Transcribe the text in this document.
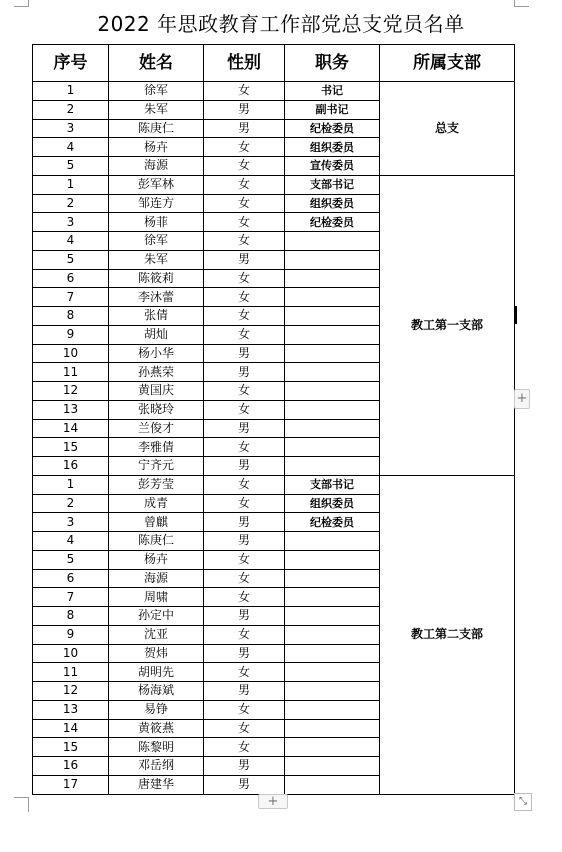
2022 年思政教育工作部党总支党员名单
序号	姓名	性别	职务	所属支部
1	徐军	女	书记	总支
2	朱军	男	副书记	
3	陈庚仁	男	纪检委员	
4	杨卉	女	组织委员	
5	海源	女	宣传委员	
1	彭军林	女	支部书记	教工第一支部
2	邹连方	女	组织委员	
3	杨菲	女	纪检委员	
4	徐军	女		
5	朱军	男		
6	陈筱莉	女		
7	李沐蕾	女		
8	张倩	女		
9	胡灿	女		
10	杨小华	男		
11	孙燕荣	男		
12	黄国庆	女		
13	张晓玲	女		
14	兰俊才	男		
15	李雅倩	女		
16	宁齐元	男		
1	彭芳莹	女	支部书记	教工第二支部
2	成青	女	组织委员	
3	曾麒	男	纪检委员	
4	陈庚仁	男		
5	杨卉	女		
6	海源	女		
7	周啸	女		
8	孙定中	男		
9	沈亚	女		
10	贺炜	男		
11	胡明先	女		
12	杨海斌	男		
13	易铮	女		
14	黄筱燕	女		
15	陈黎明	女		
16	邓岳纲	男		
17	唐建华	男		
+
+	⤡
